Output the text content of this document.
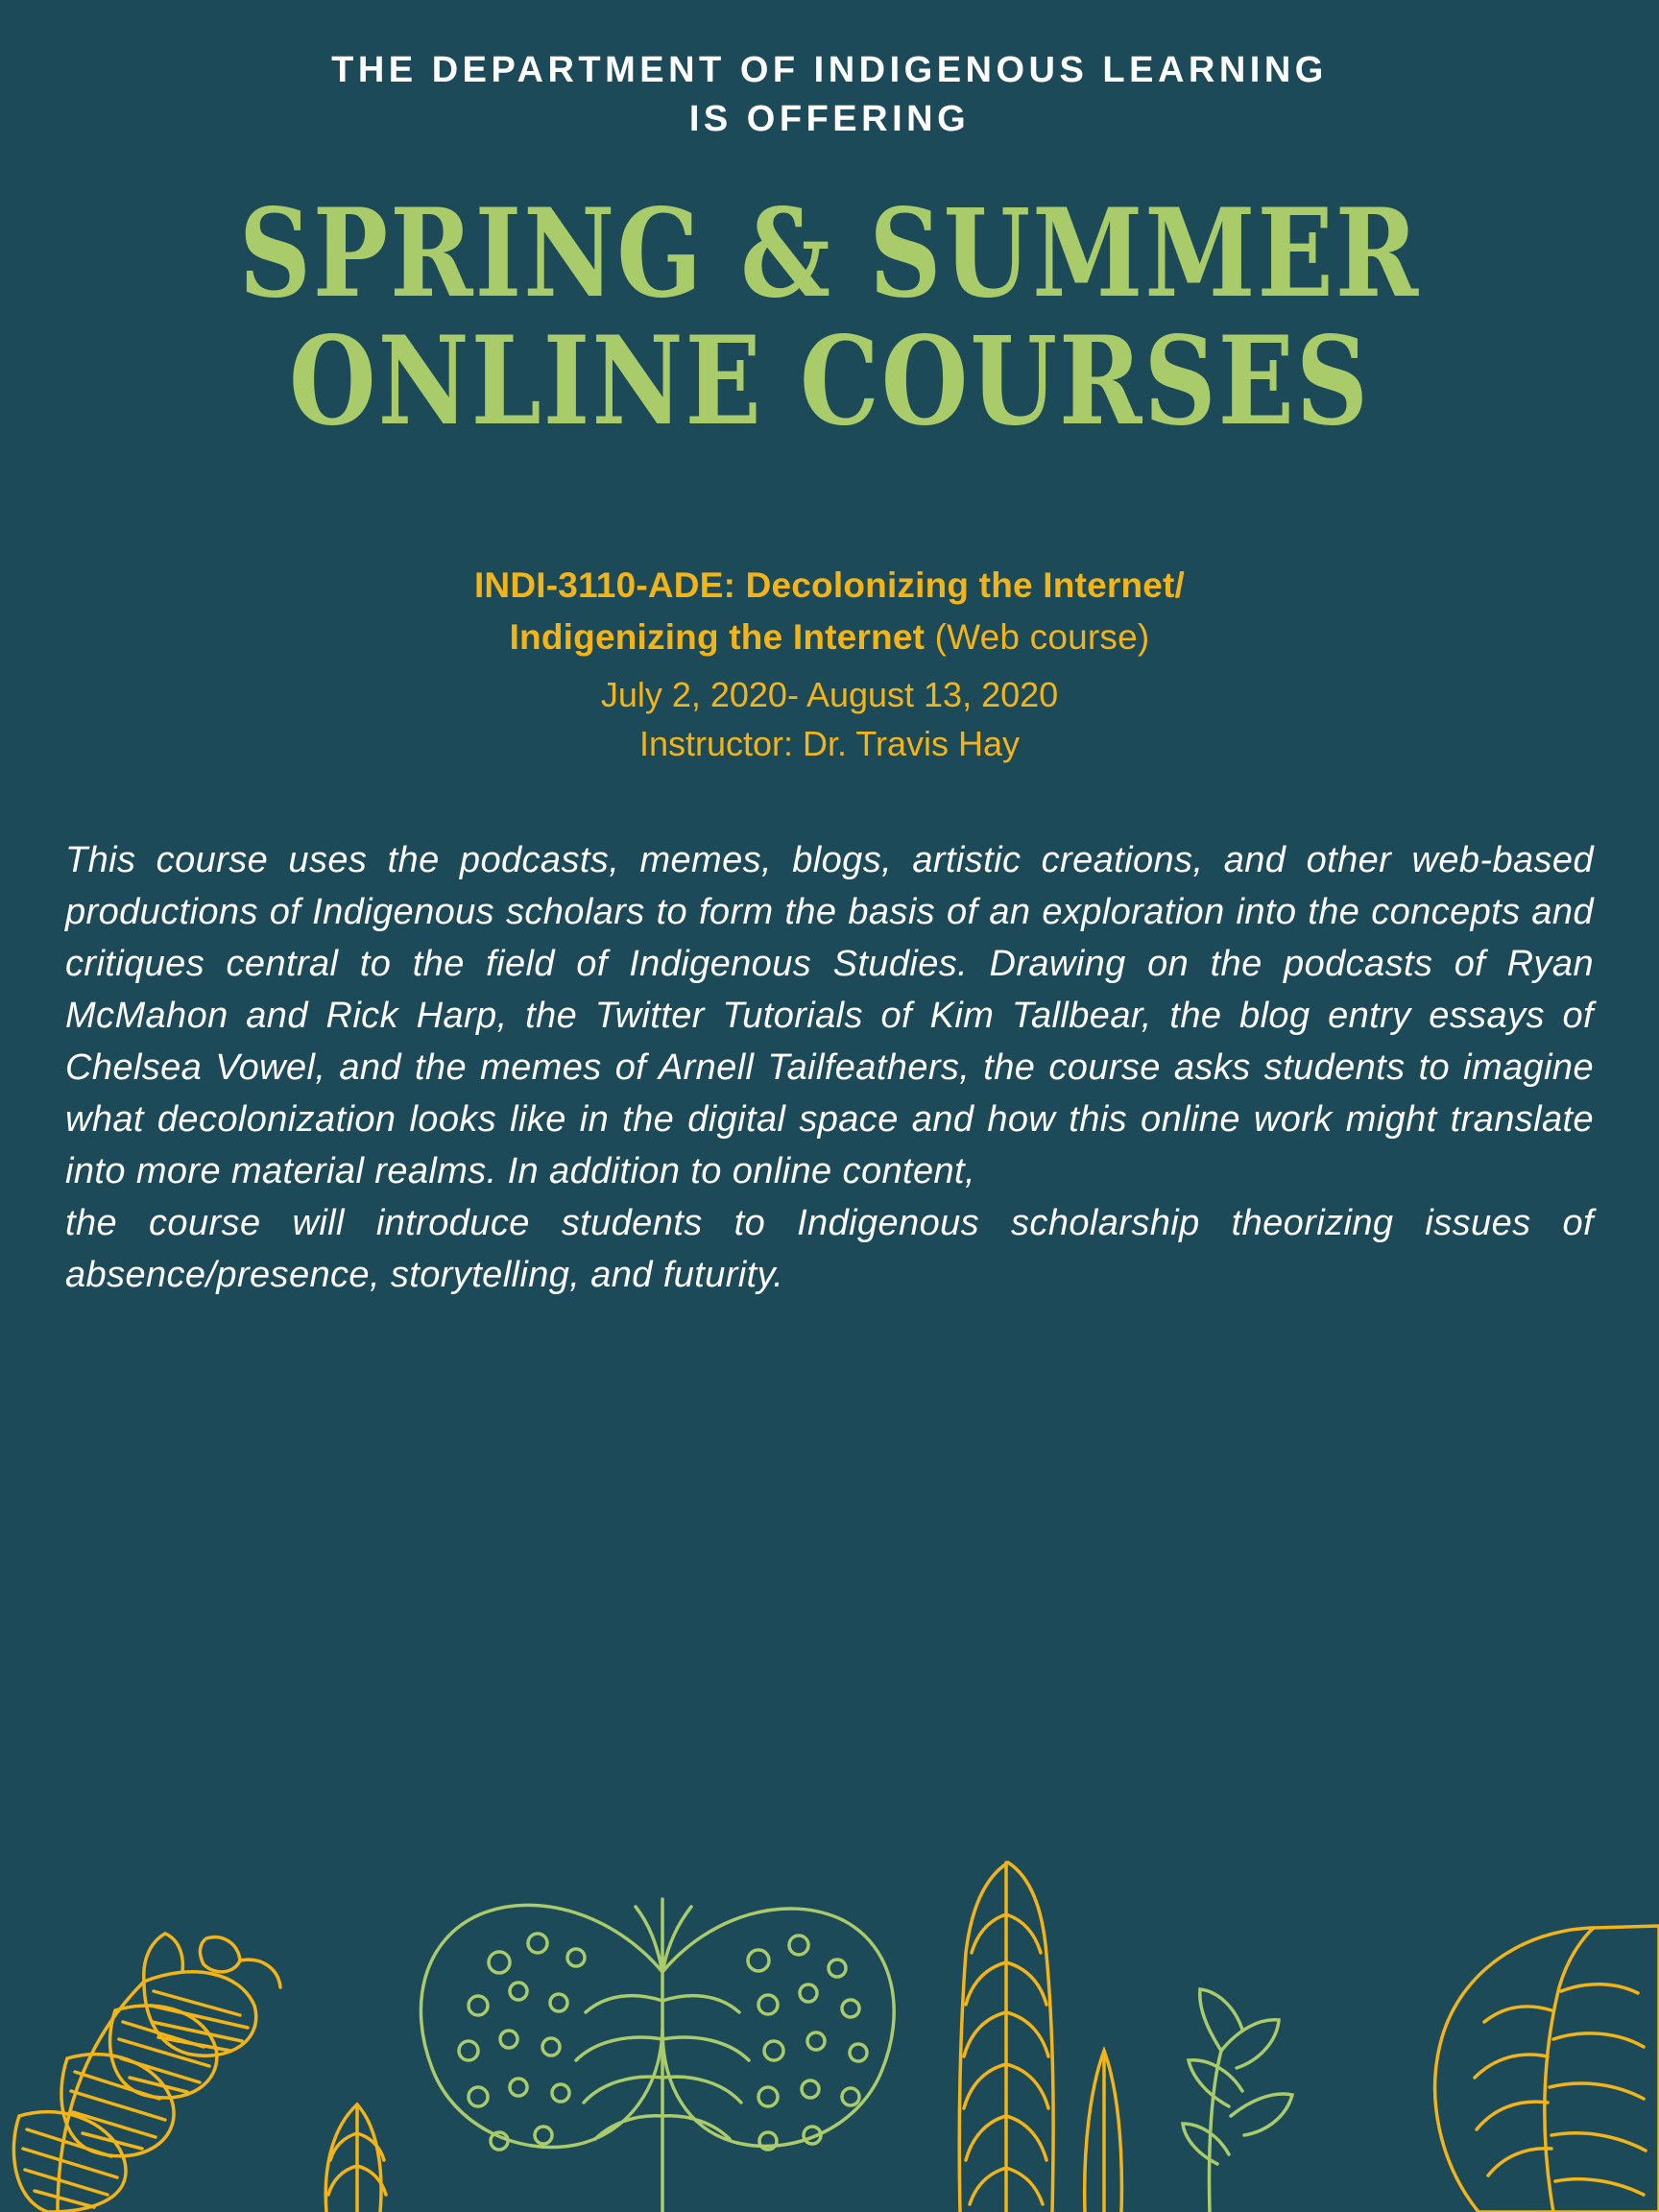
THE DEPARTMENT OF INDIGENOUS LEARNING
IS OFFERING
SPRING & SUMMER
ONLINE COURSES
INDI-3110-ADE: Decolonizing the Internet/
Indigenizing the Internet (Web course)
July 2, 2020- August 13, 2020
Instructor: Dr. Travis Hay

This course uses the podcasts, memes, blogs, artistic creations, and other web-based productions of Indigenous scholars to form the basis of an exploration into the concepts and critiques central to the field of Indigenous Studies. Drawing on the podcasts of Ryan McMahon and Rick Harp, the Twitter Tutorials of Kim Tallbear, the blog entry essays of Chelsea Vowel, and the memes of Arnell Tailfeathers, the course asks students to imagine what decolonization looks like in the digital space and how this online work might translate into more material realms. In addition to online content,

the course will introduce students to Indigenous scholarship theorizing issues of absence/presence, storytelling, and futurity.
